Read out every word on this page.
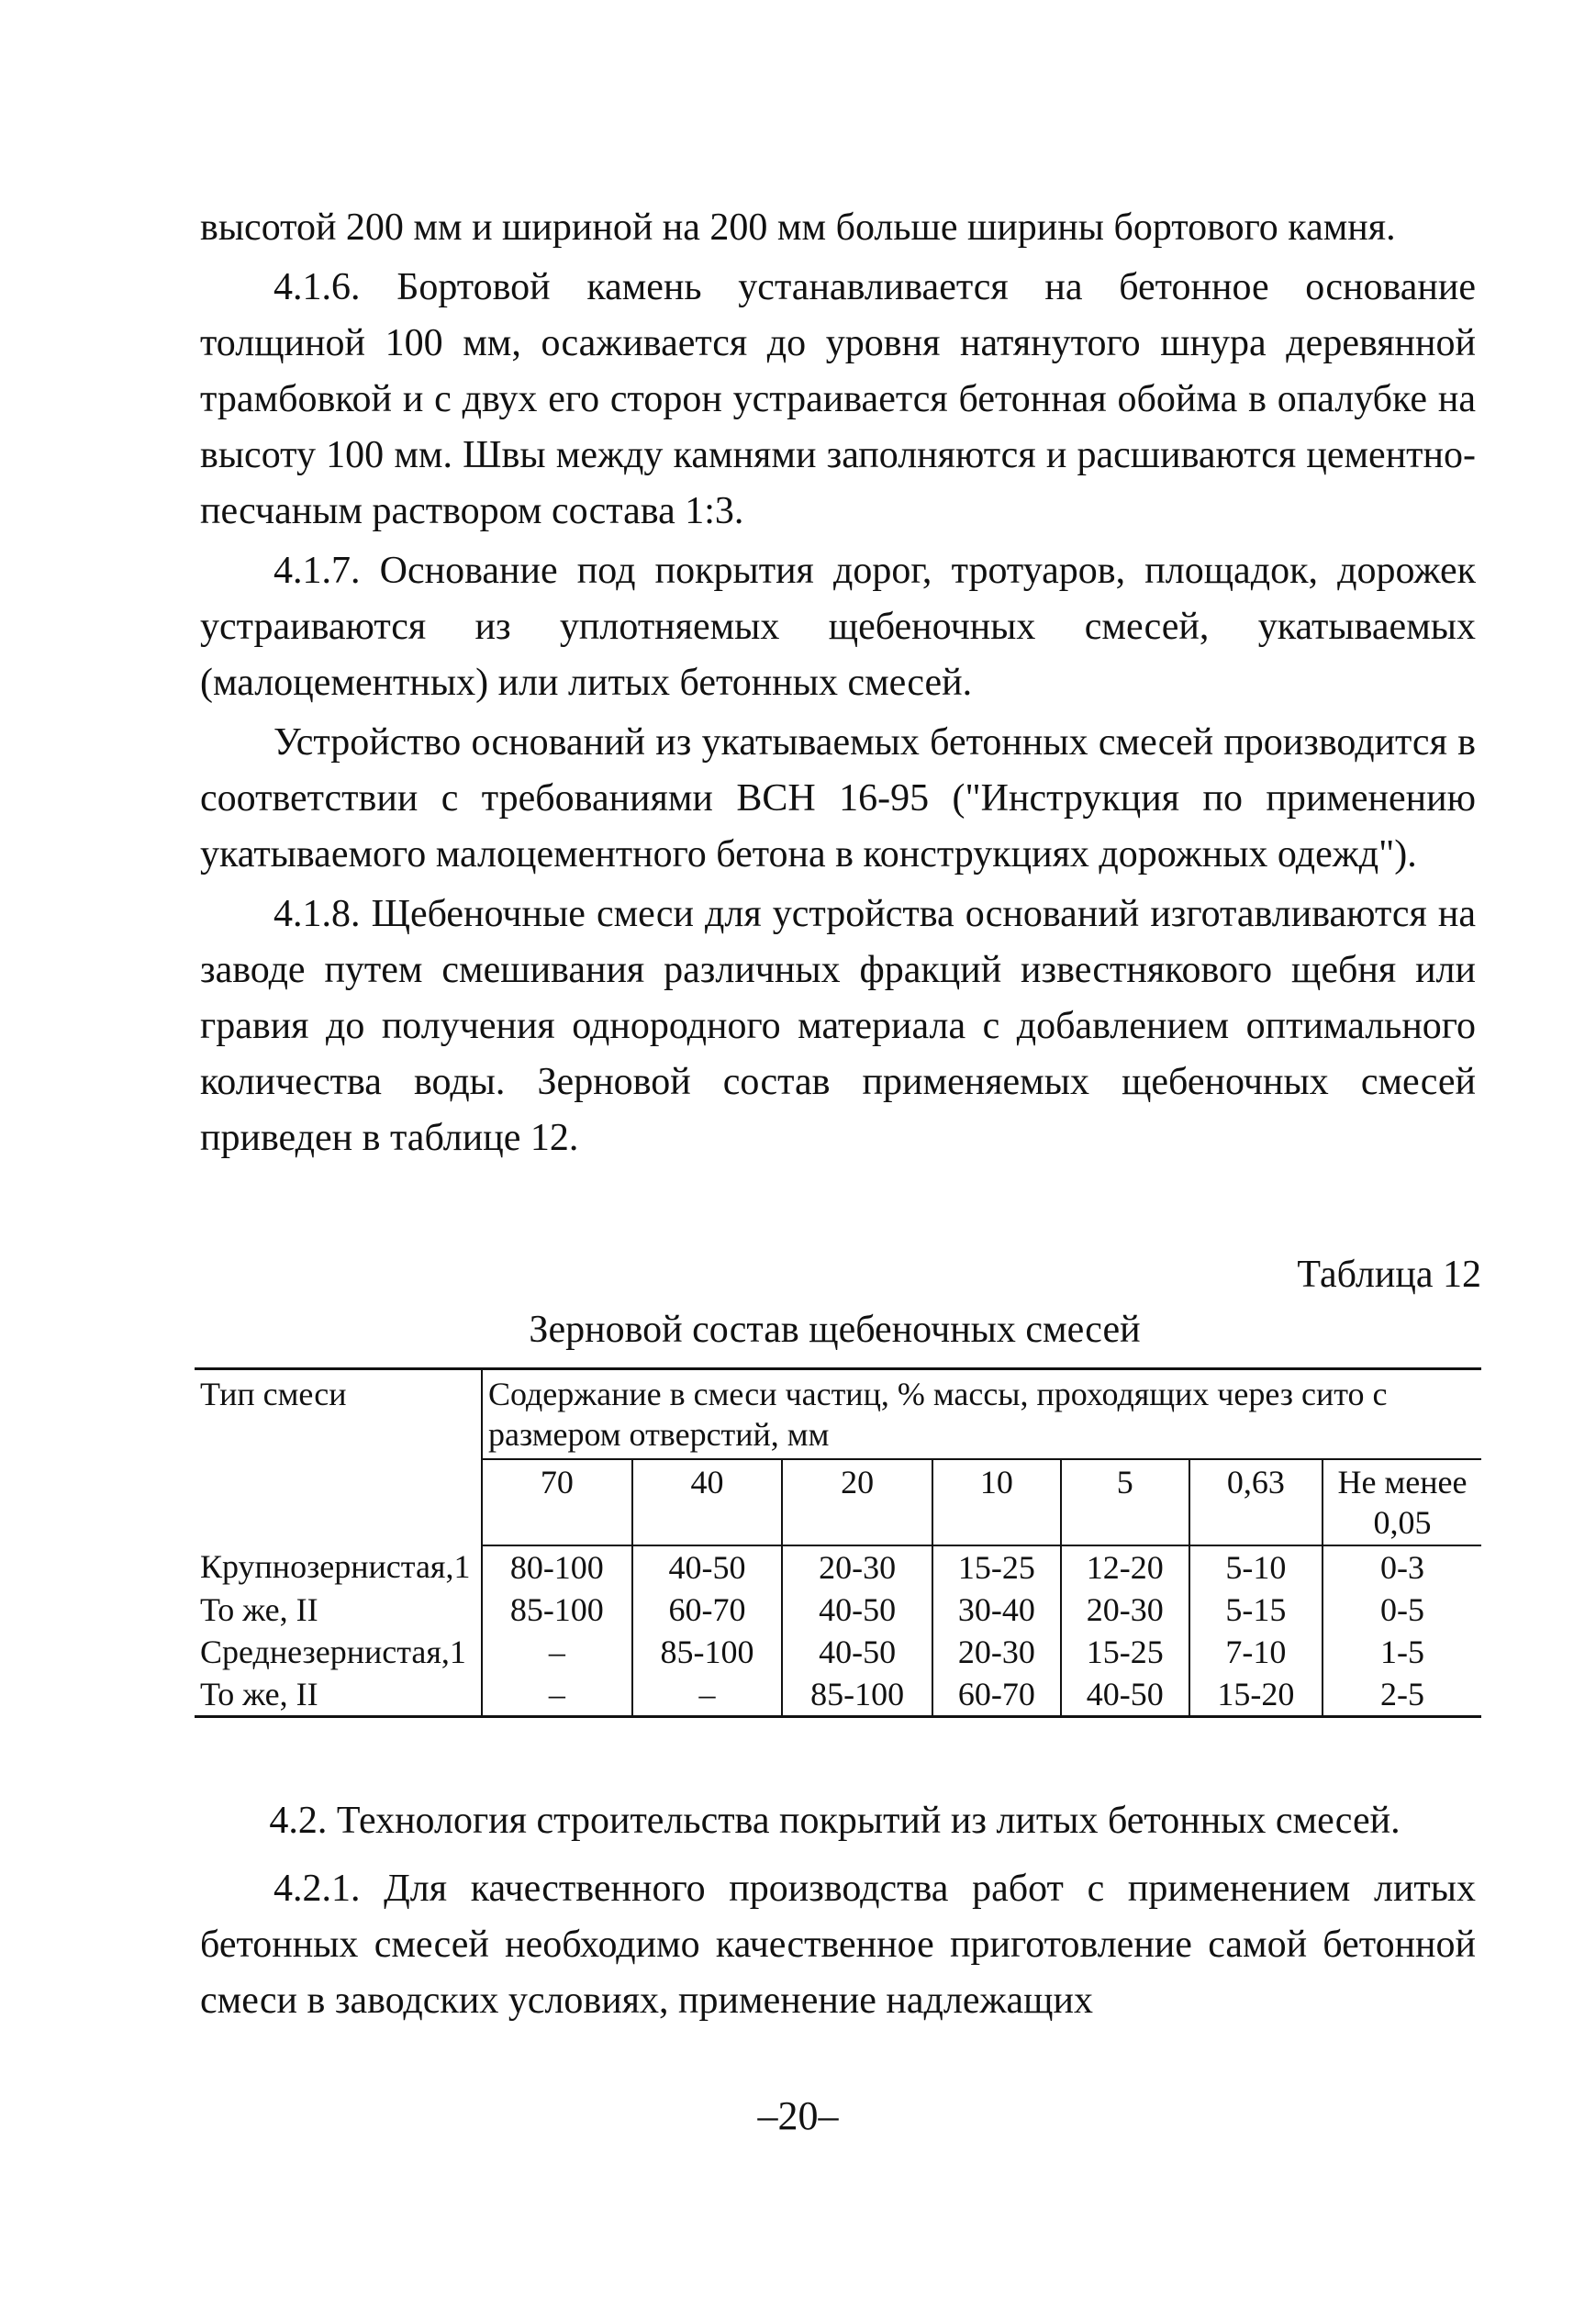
высотой 200 мм и шириной на 200 мм больше ширины бортового камня.

4.1.6. Бортовой камень устанавливается на бетонное основание толщиной 100 мм, осаживается до уровня натянутого шнура деревянной трамбовкой и с двух его сторон устраивается бетонная обойма в опалубке на высоту 100 мм. Швы между камнями заполняются и расшиваются цементно-песчаным раствором состава 1:3.

4.1.7. Основание под покрытия дорог, тротуаров, площадок, дорожек устраиваются из уплотняемых щебеночных смесей, укатываемых (малоцементных) или литых бетонных смесей.

Устройство оснований из укатываемых бетонных смесей производится в соответствии с требованиями ВСН 16-95 ("Инструкция по применению укатываемого малоцементного бетона в конструкциях дорожных одежд").

4.1.8. Щебеночные смеси для устройства оснований изготавливаются на заводе путем смешивания различных фракций известнякового щебня или гравия до получения однородного материала с добавлением оптимального количества воды. Зерновой состав применяемых щебеночных смесей приведен в таблице 12.

Таблица 12
Зерновой состав щебеночных смесей
Тип смеси	Содержание в смеси частиц, % массы, проходящих через сито с размером отверстий, мм						
	70	40	20	10	5	0,63	Не менее 0,05
Крупнозернистая,1	80-100	40-50	20-30	15-25	12-20	5-10	0-3
То же, II	85-100	60-70	40-50	30-40	20-30	5-15	0-5
Среднезернистая,1	–	85-100	40-50	20-30	15-25	7-10	1-5
То же, II	–	–	85-100	60-70	40-50	15-20	2-5
4.2. Технология строительства покрытий из литых бетонных смесей.

4.2.1. Для качественного производства работ с применением литых бетонных смесей необходимо качественное приготовление самой бетонной смеси в заводских условиях, применение надлежащих

–20–
